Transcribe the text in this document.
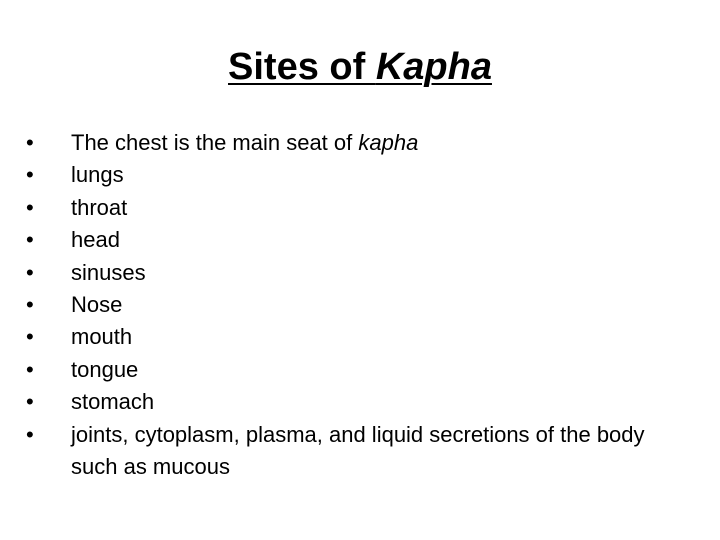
Sites of Kapha
• The chest is the main seat of kapha
• lungs
• throat
• head
• sinuses
• Nose
• mouth
• tongue
• stomach
• joints, cytoplasm, plasma, and liquid secretions of the body such as mucous
